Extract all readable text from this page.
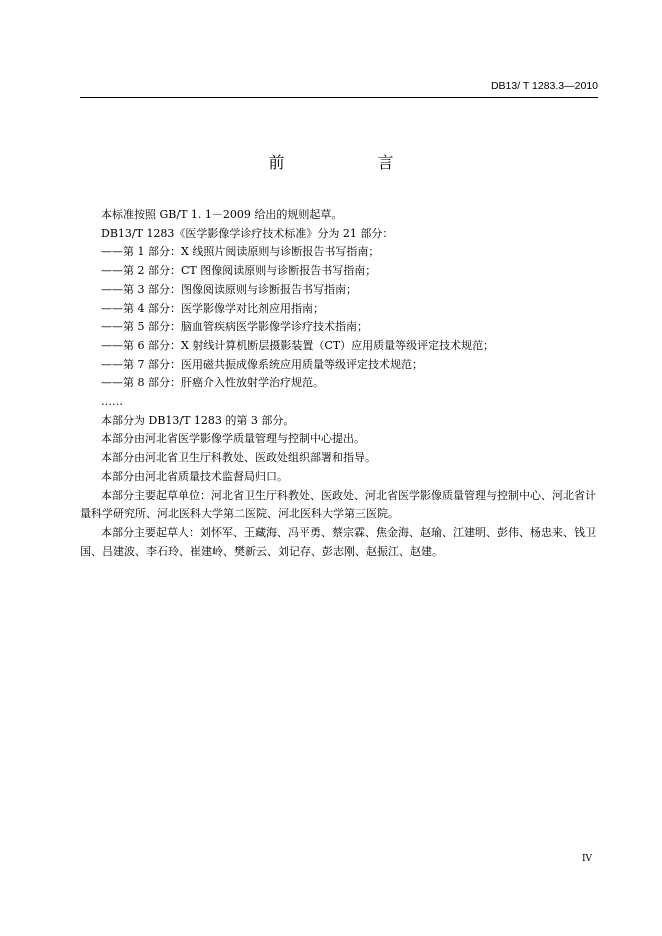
DB13/ T 1283.3—2010
前 言

本标准按照 GB/T 1. 1－2009 给出的规则起草。

DB13/T 1283《医学影像学诊疗技术标准》分为 21 部分：

——第 1 部分：X 线照片阅读原则与诊断报告书写指南；

——第 2 部分：CT 图像阅读原则与诊断报告书写指南；

——第 3 部分：图像阅读原则与诊断报告书写指南；

——第 4 部分：医学影像学对比剂应用指南；

——第 5 部分：脑血管疾病医学影像学诊疗技术指南；

——第 6 部分：X 射线计算机断层摄影装置（CT）应用质量等级评定技术规范；

——第 7 部分：医用磁共振成像系统应用质量等级评定技术规范；

——第 8 部分：肝癌介入性放射学治疗规范。

……

本部分为 DB13/T 1283 的第 3 部分。

本部分由河北省医学影像学质量管理与控制中心提出。

本部分由河北省卫生厅科教处、医政处组织部署和指导。

本部分由河北省质量技术监督局归口。

本部分主要起草单位：河北省卫生厅科教处、医政处、河北省医学影像质量管理与控制中心、河北省计量科学研究所、河北医科大学第二医院、河北医科大学第三医院。

本部分主要起草人：刘怀军、王藏海、冯平勇、蔡宗霖、焦金海、赵瑜、江建明、彭伟、杨忠来、钱卫国、吕建波、李石玲、崔建岭、樊新云、刘记存、彭志刚、赵振江、赵建。

IV
